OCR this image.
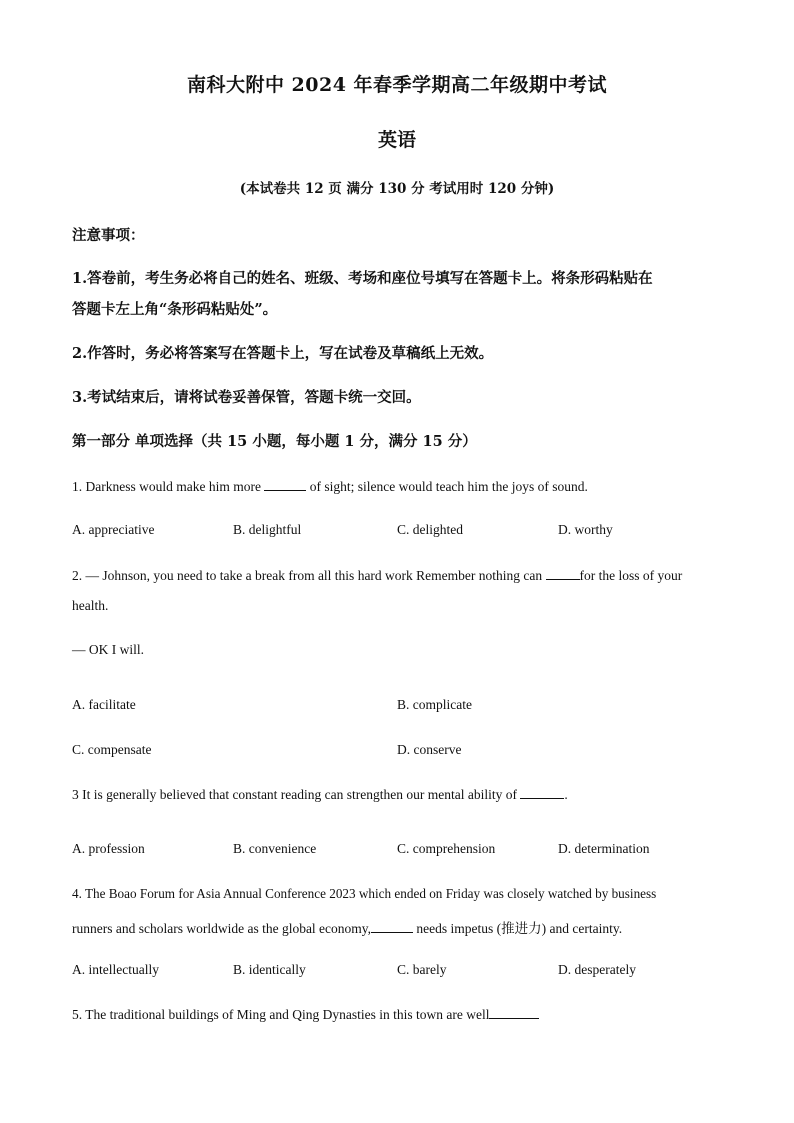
南科大附中 2024 年春季学期高二年级期中考试
英语
(本试卷共 12 页 满分 130 分 考试用时 120 分钟)
注意事项：
1.答卷前，考生务必将自己的姓名、班级、考场和座位号填写在答题卡上。将条形码粘贴在
答题卡左上角“条形码粘贴处”。
2.作答时，务必将答案写在答题卡上，写在试卷及草稿纸上无效。
3.考试结束后，请将试卷妥善保管，答题卡统一交回。
第一部分 单项选择（共 15 小题，每小题 1 分，满分 15 分）
1. Darkness would make him more	of sight; silence would teach him the joys of sound.
A. appreciative	B. delightful	C. delighted	D. worthy
2. — Johnson, you need to take a break from all this hard work Remember nothing can	for the loss of your
health.
— OK I will.
A. facilitate	B. complicate
C. compensate	D. conserve
3 It is generally believed that constant reading can strengthen our mental ability of	.
A. profession	B. convenience	C. comprehension	D. determination
4. The Boao Forum for Asia Annual Conference 2023 which ended on Friday was closely watched by business
runners and scholars worldwide as the global economy,	needs impetus (推进力) and certainty.
A. intellectually	B. identically	C. barely	D. desperately
5. The traditional buildings of Ming and Qing Dynasties in this town are well
